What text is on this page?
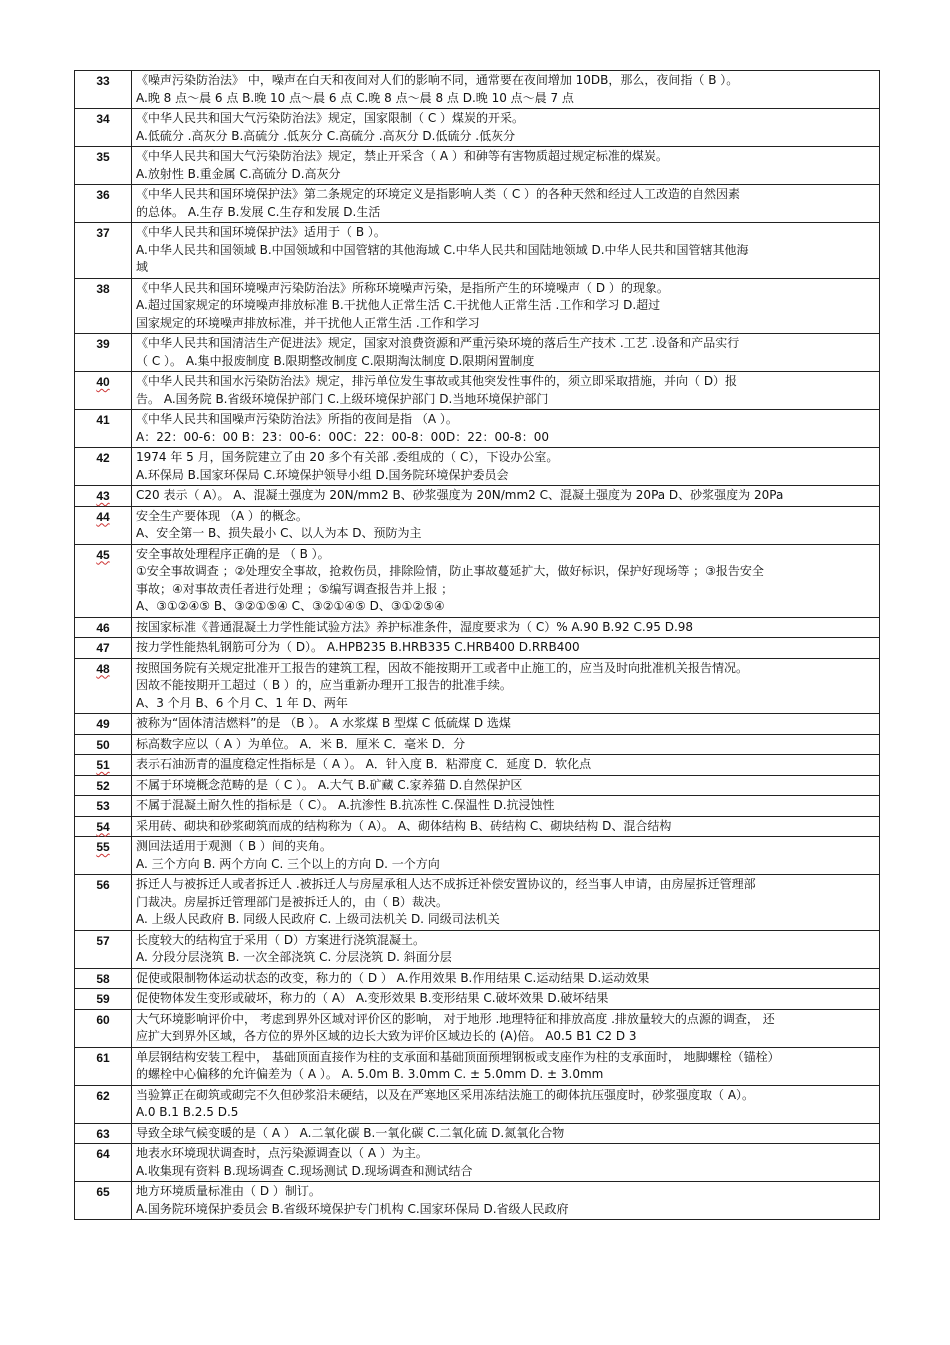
33	《噪声污染防治法》 中，噪声在白天和夜间对人们的影响不同，通常要在夜间增加 10DB，那么，夜间指（ B ）。
A.晚 8 点～晨 6 点 B.晚 10 点～晨 6 点 C.晚 8 点～晨 8 点 D.晚 10 点～晨 7 点

34	《中华人民共和国大气污染防治法》规定，国家限制（ C ）煤炭的开采。
A.低硫分 .高灰分 B.高硫分 .低灰分 C.高硫分 .高灰分 D.低硫分 .低灰分

35	《中华人民共和国大气污染防治法》规定，禁止开采含（ A ）和砷等有害物质超过规定标准的煤炭。
A.放射性 B.重金属 C.高硫分 D.高灰分

36	《中华人民共和国环境保护法》第二条规定的环境定义是指影响人类（ C ）的各种天然和经过人工改造的自然因素
的总体。 A.生存 B.发展 C.生存和发展 D.生活

37	《中华人民共和国环境保护法》适用于（ B ）。
A.中华人民共和国领域 B.中国领域和中国管辖的其他海域 C.中华人民共和国陆地领域 D.中华人民共和国管辖其他海
域

38	《中华人民共和国环境噪声污染防治法》所称环境噪声污染，是指所产生的环境噪声（ D ）的现象。
A.超过国家规定的环境噪声排放标准 B.干扰他人正常生活 C.干扰他人正常生活 .工作和学习 D.超过
国家规定的环境噪声排放标准，并干扰他人正常生活 .工作和学习

39	《中华人民共和国清洁生产促进法》规定，国家对浪费资源和严重污染环境的落后生产技术 .工艺 .设备和产品实行
（ C ）。 A.集中报废制度 B.限期整改制度 C.限期淘汰制度 D.限期闲置制度

40	《中华人民共和国水污染防治法》规定，排污单位发生事故或其他突发性事件的，须立即采取措施，并向（ D）报
告。 A.国务院 B.省级环境保护部门 C.上级环境保护部门 D.当地环境保护部门

41	《中华人民共和国噪声污染防治法》所指的夜间是指 （A ）。
A：22：00-6：00 B：23：00-6：00C：22：00-8：00D：22：00-8：00

42	1974 年 5 月，国务院建立了由 20 多个有关部 .委组成的（ C），下设办公室。
A.环保局 B.国家环保局 C.环境保护领导小组 D.国务院环境保护委员会

43	C20 表示（ A）。 A、混凝土强度为 20N/mm2 B、砂浆强度为 20N/mm2 C、混凝土强度为 20Pa D、砂浆强度为 20Pa

44	安全生产要体现 （A ）的概念。
A、安全第一 B、损失最小 C、以人为本 D、预防为主

45	安全事故处理程序正确的是 （ B ）。
①安全事故调查 ；②处理安全事故，抢救伤员，排除险情，防止事故蔓延扩大，做好标识，保护好现场等 ；③报告安全
事故；④对事故责任者进行处理 ；⑤编写调查报告并上报 ；
A、③①②④⑤ B、③②①⑤④ C、③②①④⑤ D、③①②⑤④

46	按国家标准《普通混凝土力学性能试验方法》养护标准条件，湿度要求为（ C）% A.90 B.92 C.95 D.98

47	按力学性能热轧钢筋可分为（ D）。 A.HPB235 B.HRB335 C.HRB400 D.RRB400

48	按照国务院有关规定批准开工报告的建筑工程，因故不能按期开工或者中止施工的，应当及时向批准机关报告情况。
因故不能按期开工超过（ B ）的，应当重新办理开工报告的批准手续。
A、3 个月 B、6 个月 C、1 年 D、两年

49	被称为“固体清洁燃料”的是 （B ）。 A 水浆煤 B 型煤 C 低硫煤 D 选煤

50	标高数字应以（ A ）为单位。 A．米 B．厘米 C．毫米 D．分

51	表示石油沥青的温度稳定性指标是（ A ）。 A．针入度 B．粘滞度 C．延度 D．软化点

52	不属于环境概念范畴的是（ C ）。 A.大气 B.矿藏 C.家养猫 D.自然保护区

53	不属于混凝土耐久性的指标是（ C）。 A.抗渗性 B.抗冻性 C.保温性 D.抗浸蚀性

54	采用砖、砌块和砂浆砌筑而成的结构称为（ A）。 A、砌体结构 B、砖结构 C、砌块结构 D、混合结构

55	测回法适用于观测（ B ）间的夹角。
A. 三个方向 B. 两个方向 C. 三个以上的方向 D. 一个方向

56	拆迁人与被拆迁人或者拆迁人 .被拆迁人与房屋承租人达不成拆迁补偿安置协议的，经当事人申请，由房屋拆迁管理部
门裁决。房屋拆迁管理部门是被拆迁人的，由（ B）裁决。
A. 上级人民政府 B. 同级人民政府 C. 上级司法机关 D. 同级司法机关

57	长度较大的结构宜于采用（ D）方案进行浇筑混凝土。
A. 分段分层浇筑 B. 一次全部浇筑 C. 分层浇筑 D. 斜面分层

58	促使或限制物体运动状态的改变，称力的（ D ） A.作用效果 B.作用结果 C.运动结果 D.运动效果

59	促使物体发生变形或破坏，称力的（ A） A.变形效果 B.变形结果 C.破坏效果 D.破坏结果

60	大气环境影响评价中， 考虑到界外区域对评价区的影响， 对于地形 .地理特征和排放高度 .排放量较大的点源的调查， 还
应扩大到界外区域，各方位的界外区域的边长大致为评价区域边长的 (A)倍。 A0.5 B1 C2 D 3

61	单层钢结构安装工程中， 基础顶面直接作为柱的支承面和基础顶面预埋钢板或支座作为柱的支承面时， 地脚螺栓（锚栓）
的螺栓中心偏移的允许偏差为（ A ）。 A. 5.0m B. 3.0mm C. ± 5.0mm D. ± 3.0mm

62	当验算正在砌筑或砌完不久但砂浆沿未硬结，以及在严寒地区采用冻结法施工的砌体抗压强度时，砂浆强度取（ A）。
A.0 B.1 B.2.5 D.5

63	导致全球气候变暖的是（ A ） A.二氧化碳 B.一氧化碳 C.二氧化硫 D.氮氧化合物

64	地表水环境现状调查时，点污染源调查以（ A ）为主。
A.收集现有资料 B.现场调查 C.现场测试 D.现场调查和测试结合

65	地方环境质量标准由（ D ）制订。
A.国务院环境保护委员会 B.省级环境保护专门机构 C.国家环保局 D.省级人民政府
